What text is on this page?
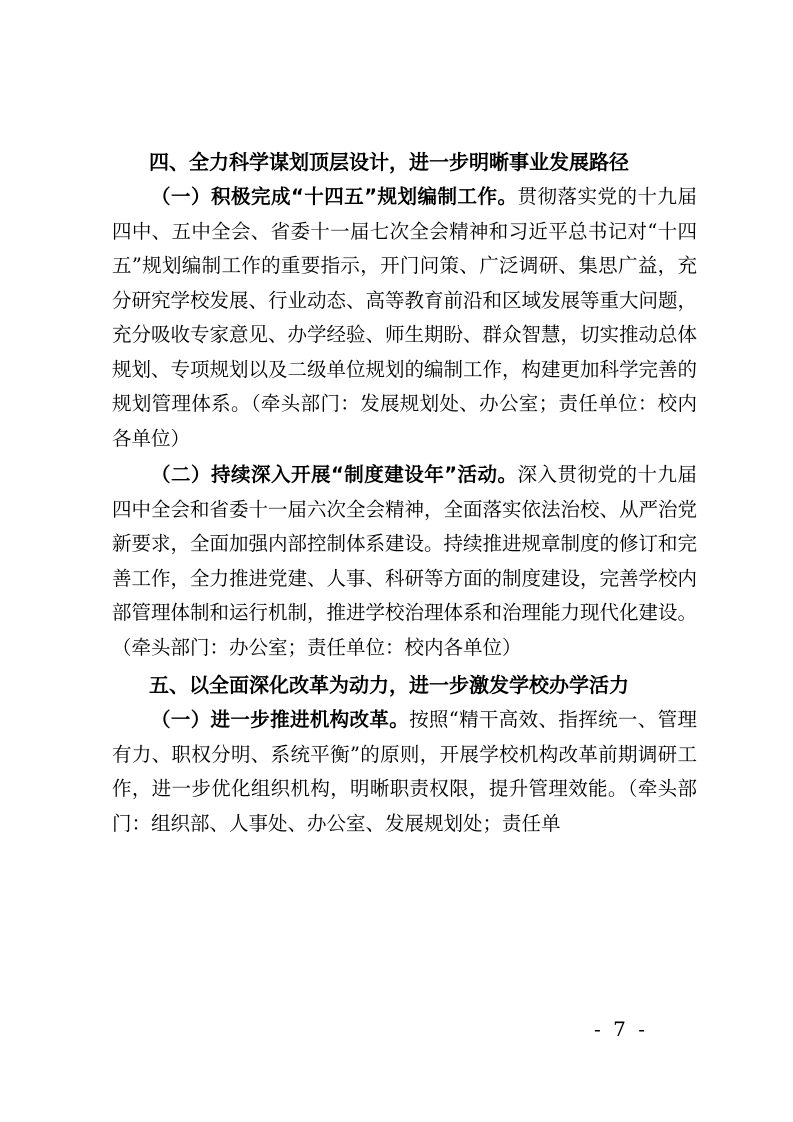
四、全力科学谋划顶层设计，进一步明晰事业发展路径

（一）积极完成“十四五”规划编制工作。贯彻落实党的十九届四中、五中全会、省委十一届七次全会精神和习近平总书记对“十四五”规划编制工作的重要指示，开门问策、广泛调研、集思广益，充分研究学校发展、行业动态、高等教育前沿和区域发展等重大问题，充分吸收专家意见、办学经验、师生期盼、群众智慧，切实推动总体规划、专项规划以及二级单位规划的编制工作，构建更加科学完善的规划管理体系。（牵头部门：发展规划处、办公室；责任单位：校内各单位）

（二）持续深入开展“制度建设年”活动。深入贯彻党的十九届四中全会和省委十一届六次全会精神，全面落实依法治校、从严治党新要求，全面加强内部控制体系建设。持续推进规章制度的修订和完善工作，全力推进党建、人事、科研等方面的制度建设，完善学校内部管理体制和运行机制，推进学校治理体系和治理能力现代化建设。（牵头部门：办公室；责任单位：校内各单位）

五、以全面深化改革为动力，进一步激发学校办学活力

（一）进一步推进机构改革。按照“精干高效、指挥统一、管理有力、职权分明、系统平衡”的原则，开展学校机构改革前期调研工作，进一步优化组织机构，明晰职责权限，提升管理效能。（牵头部门：组织部、人事处、办公室、发展规划处；责任单

- 7 -
